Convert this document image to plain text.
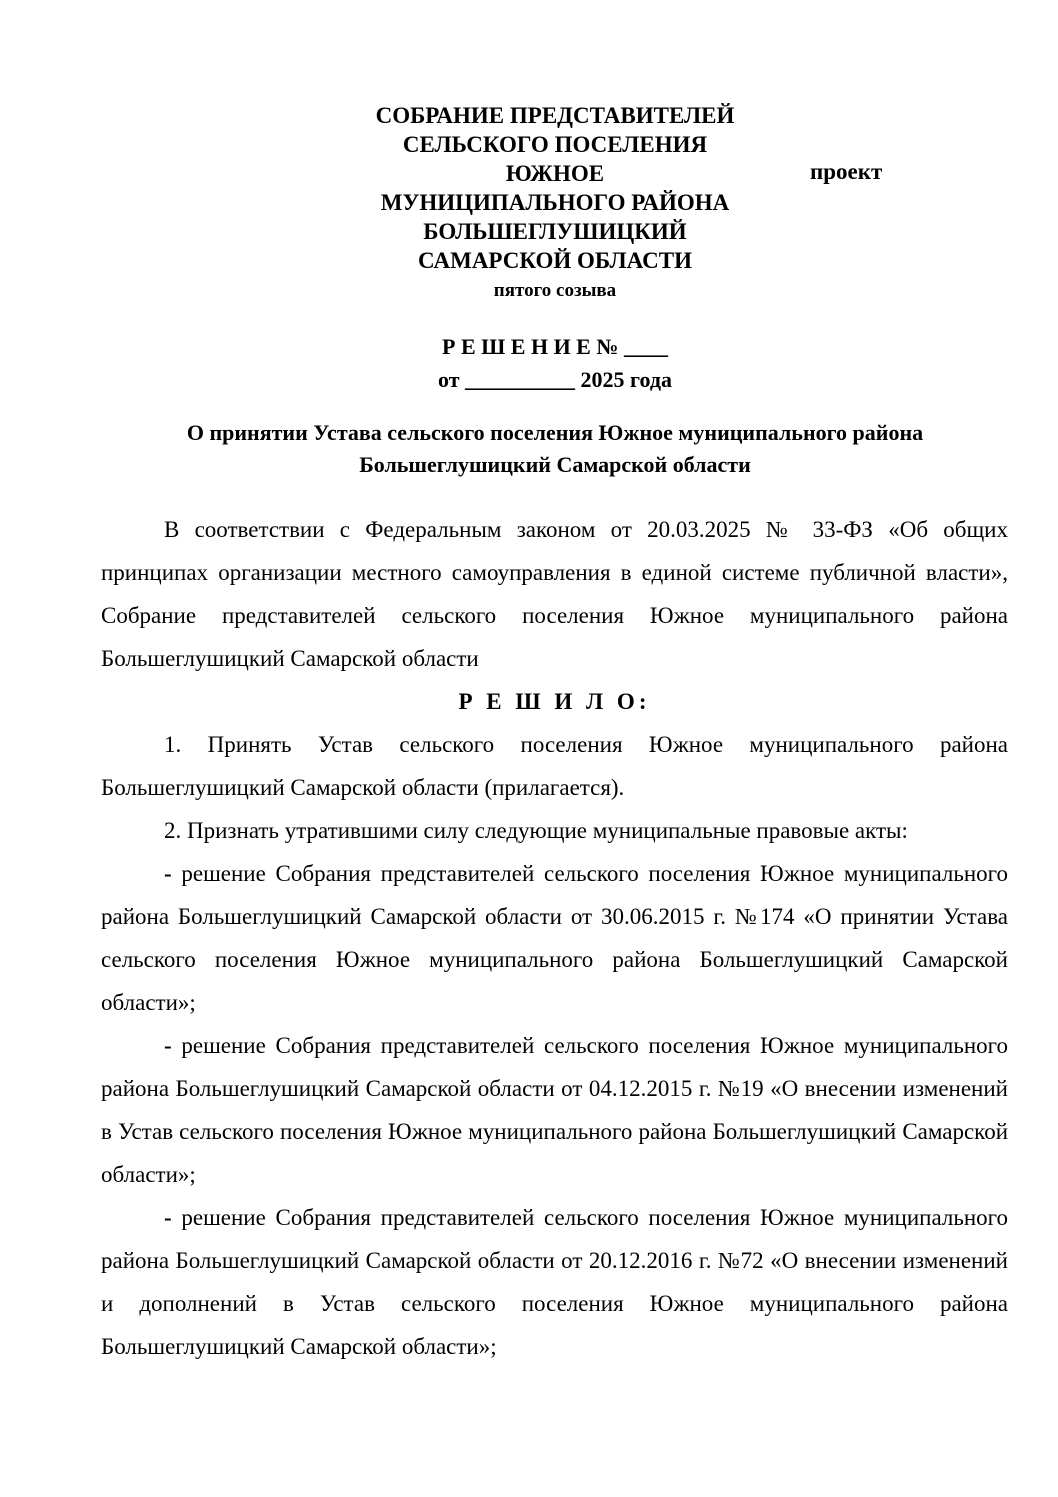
СОБРАНИЕ ПРЕДСТАВИТЕЛЕЙ
СЕЛЬСКОГО ПОСЕЛЕНИЯ
ЮЖНОЕ
МУНИЦИПАЛЬНОГО РАЙОНА
БОЛЬШЕГЛУШИЦКИЙ
САМАРСКОЙ ОБЛАСТИ
пятого созыва
проект
Р Е Ш Е Н И Е № ____
от __________ 2025 года
О принятии Устава сельского поселения Южное муниципального района
Большеглушицкий Самарской области

В соответствии с Федеральным законом от 20.03.2025 № 33-ФЗ «Об общих принципах организации местного самоуправления в единой системе публичной власти», Собрание представителей сельского поселения Южное муниципального района Большеглушицкий Самарской области

Р Е Ш И Л О:

1. Принять Устав сельского поселения Южное муниципального района Большеглушицкий Самарской области (прилагается).

2. Признать утратившими силу следующие муниципальные правовые акты:

- решение Собрания представителей сельского поселения Южное муниципального района Большеглушицкий Самарской области от 30.06.2015 г. №174 «О принятии Устава сельского поселения Южное муниципального района Большеглушицкий Самарской области»;

- решение Собрания представителей сельского поселения Южное муниципального района Большеглушицкий Самарской области от 04.12.2015 г. №19 «О внесении изменений в Устав сельского поселения Южное муниципального района Большеглушицкий Самарской области»;

- решение Собрания представителей сельского поселения Южное муниципального района Большеглушицкий Самарской области от 20.12.2016 г. №72 «О внесении изменений и дополнений в Устав сельского поселения Южное муниципального района Большеглушицкий Самарской области»;
